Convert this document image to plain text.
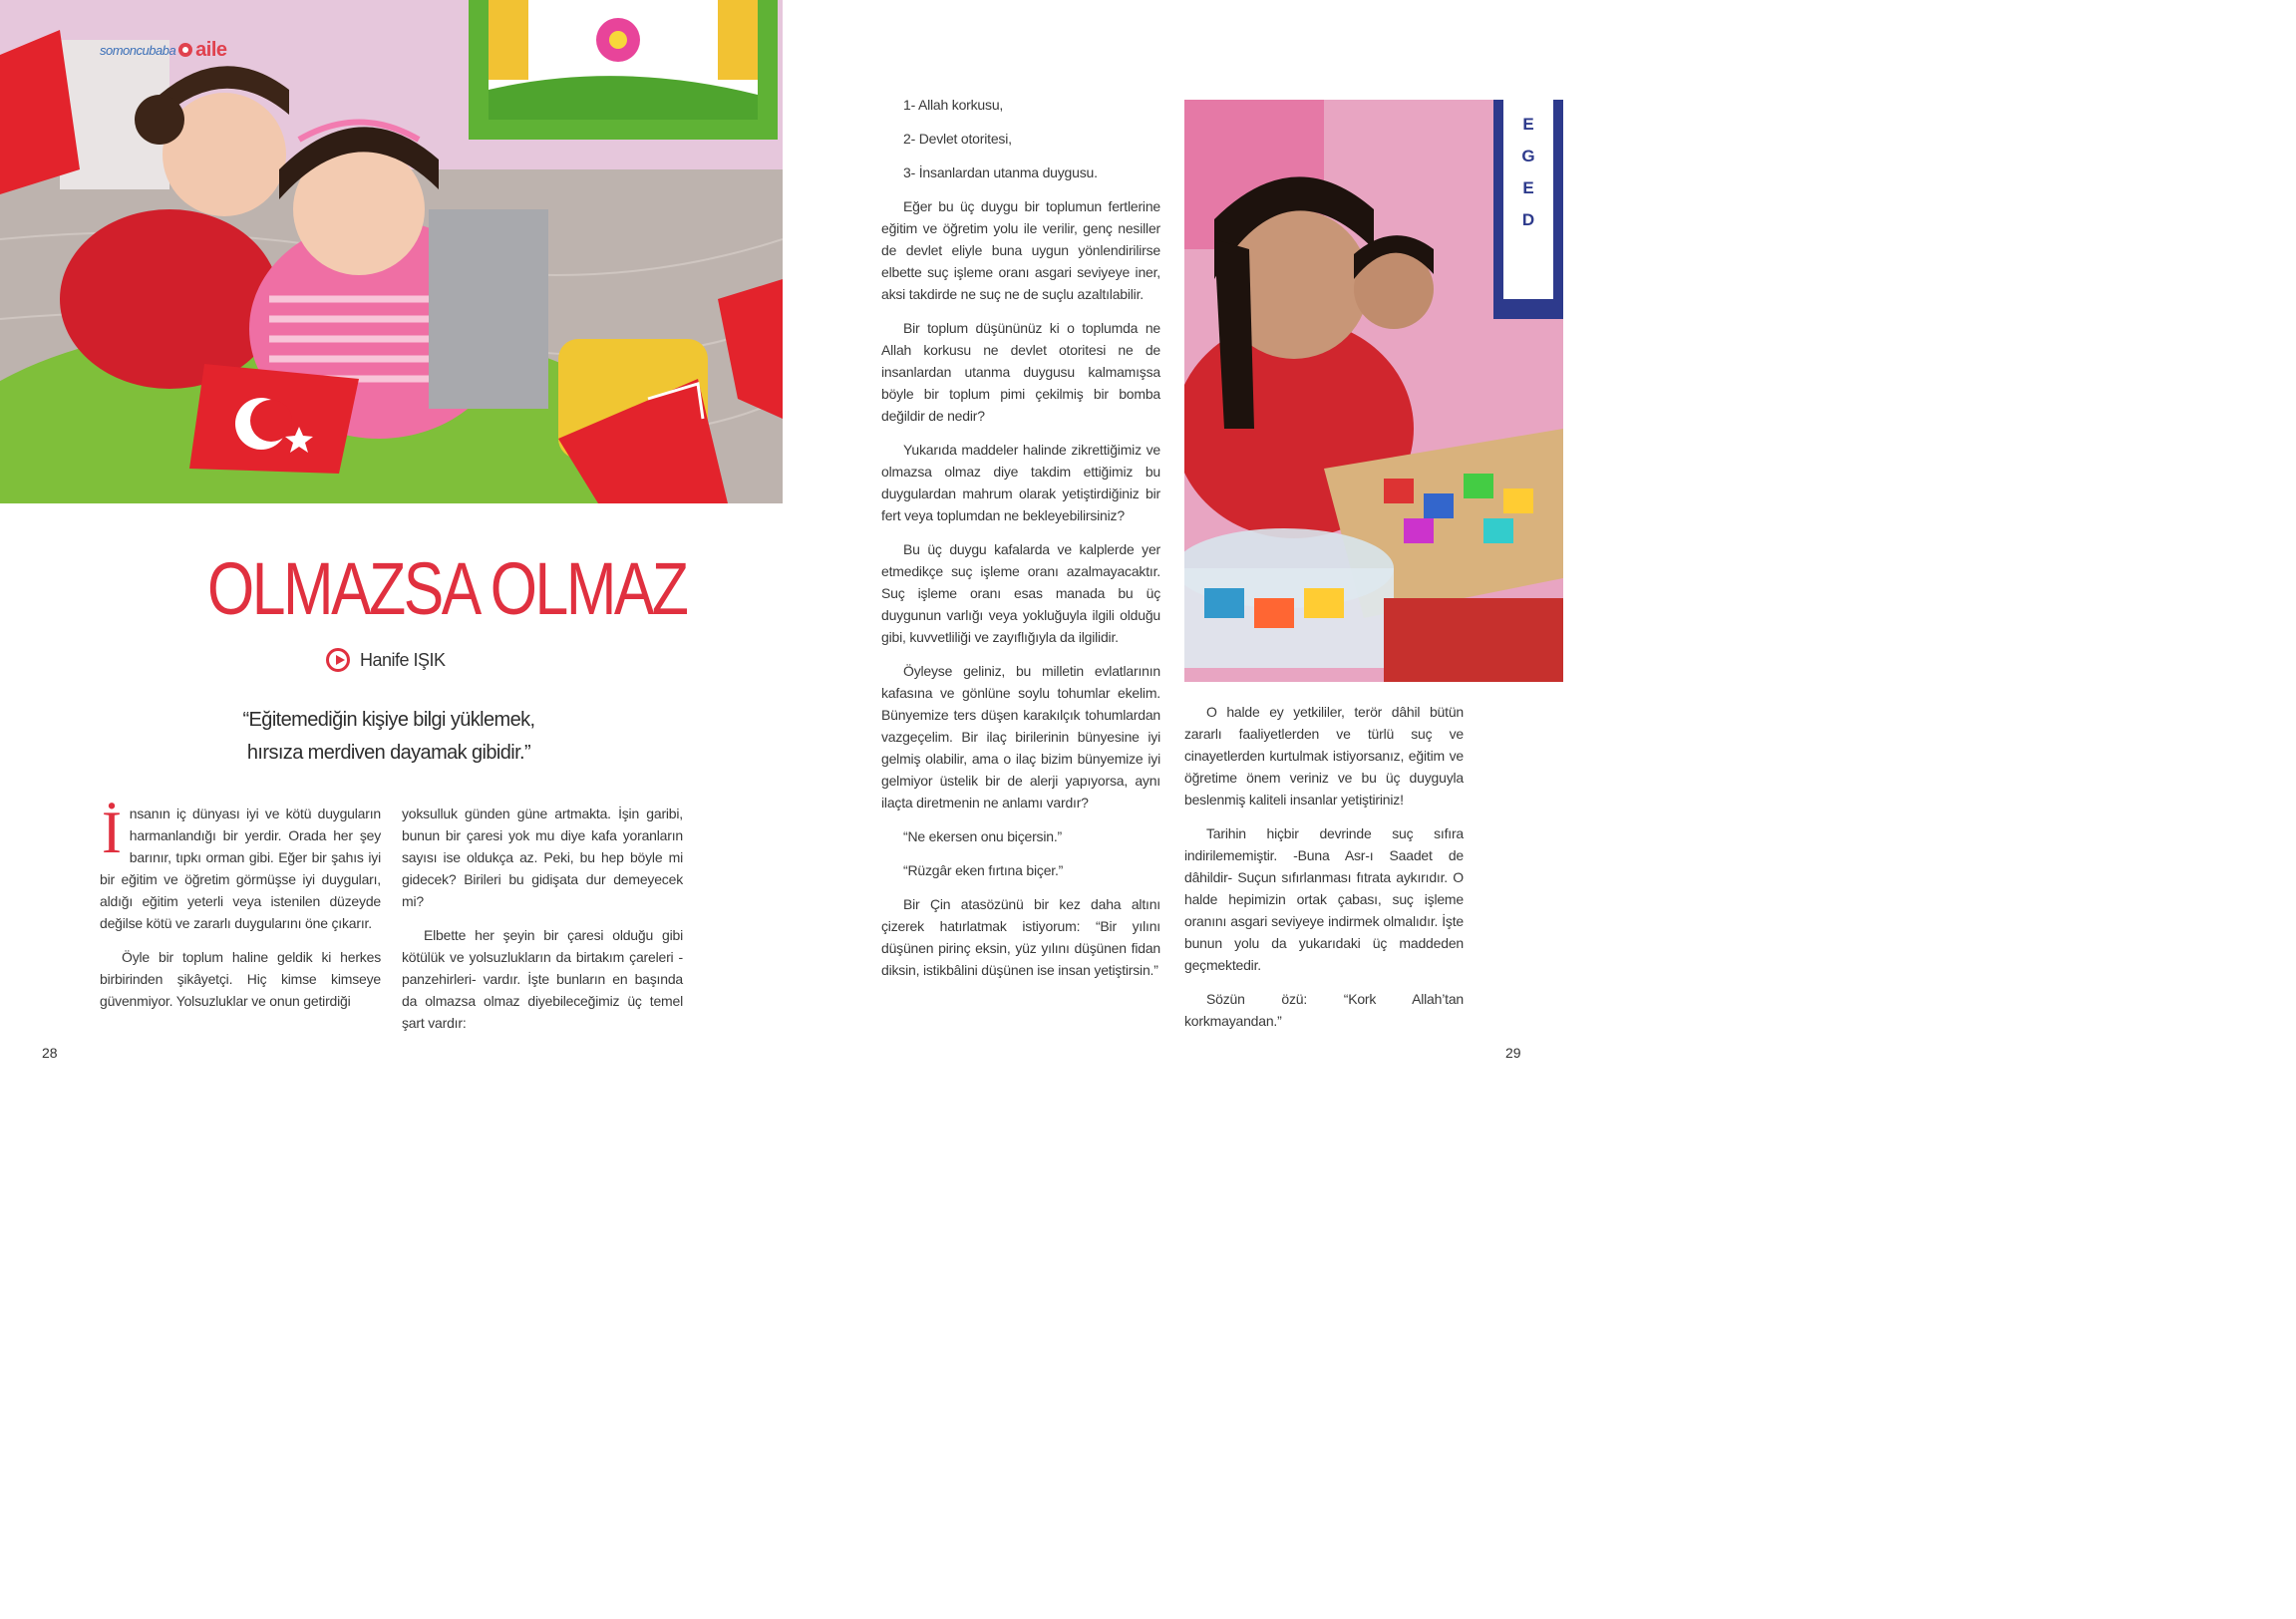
somoncubaba aile
E
G
E
D
OLMAZSA OLMAZ
Hanife IŞIK
“Eğitemediğin kişiye bilgi yüklemek,
hırsıza merdiven dayamak gibidir.”

İnsanın iç dünyası iyi ve kötü duyguların harmanlandığı bir yerdir. Orada her şey barınır, tıpkı orman gibi. Eğer bir şahıs iyi bir eğitim ve öğretim görmüşse iyi duyguları, aldığı eğitim yeterli veya istenilen düzeyde değilse kötü ve zararlı duygularını öne çıkarır.

Öyle bir toplum haline geldik ki herkes birbirinden şikâyetçi. Hiç kimse kimseye güvenmiyor. Yolsuzluklar ve onun getirdiği

yoksulluk günden güne artmakta. İşin garibi, bunun bir çaresi yok mu diye kafa yoranların sayısı ise oldukça az. Peki, bu hep böyle mi gidecek? Birileri bu gidişata dur demeyecek mi?

Elbette her şeyin bir çaresi olduğu gibi kötülük ve yolsuzlukların da birtakım çareleri -panzehirleri- vardır. İşte bunların en başında da olmazsa olmaz diyebileceğimiz üç temel şart vardır:

1- Allah korkusu,

2- Devlet otoritesi,

3- İnsanlardan utanma duygusu.

Eğer bu üç duygu bir toplumun fertlerine eğitim ve öğretim yolu ile verilir, genç nesiller de devlet eliyle buna uygun yönlendirilirse elbette suç işleme oranı asgari seviyeye iner, aksi takdirde ne suç ne de suçlu azaltılabilir.

Bir toplum düşününüz ki o toplumda ne Allah korkusu ne devlet otoritesi ne de insanlardan utanma duygusu kalmamışsa böyle bir toplum pimi çekilmiş bir bomba değildir de nedir?

Yukarıda maddeler halinde zikrettiğimiz ve olmazsa olmaz diye takdim ettiğimiz bu duygulardan mahrum olarak yetiştirdiğiniz bir fert veya toplumdan ne bekleyebilirsiniz?

Bu üç duygu kafalarda ve kalplerde yer etmedikçe suç işleme oranı azalmayacaktır. Suç işleme oranı esas manada bu üç duygunun varlığı veya yokluğuyla ilgili olduğu gibi, kuvvetliliği ve zayıflığıyla da ilgilidir.

Öyleyse geliniz, bu milletin evlatlarının kafasına ve gönlüne soylu tohumlar ekelim. Bünyemize ters düşen karakılçık tohumlardan vazgeçelim. Bir ilaç birilerinin bünyesine iyi gelmiş olabilir, ama o ilaç bizim bünyemize iyi gelmiyor üstelik bir de alerji yapıyorsa, aynı ilaçta diretmenin ne anlamı vardır?

“Ne ekersen onu biçersin.”

“Rüzgâr eken fırtına biçer.”

Bir Çin atasözünü bir kez daha altını çizerek hatırlatmak istiyorum: “Bir yılını düşünen pirinç eksin, yüz yılını düşünen fidan diksin, istikbâlini düşünen ise insan yetiştirsin.”

O halde ey yetkililer, terör dâhil bütün zararlı faaliyetlerden ve türlü suç ve cinayetlerden kurtulmak istiyorsanız, eğitim ve öğretime önem veriniz ve bu üç duyguyla beslenmiş kaliteli insanlar yetiştiriniz!

Tarihin hiçbir devrinde suç sıfıra indirilememiştir. -Buna Asr-ı Saadet de dâhildir- Suçun sıfırlanması fıtrata aykırıdır. O halde hepimizin ortak çabası, suç işleme oranını asgari seviyeye indirmek olmalıdır. İşte bunun yolu da yukarıdaki üç maddeden geçmektedir.

Sözün özü: “Kork Allah’tan korkmayandan.”

28	29
